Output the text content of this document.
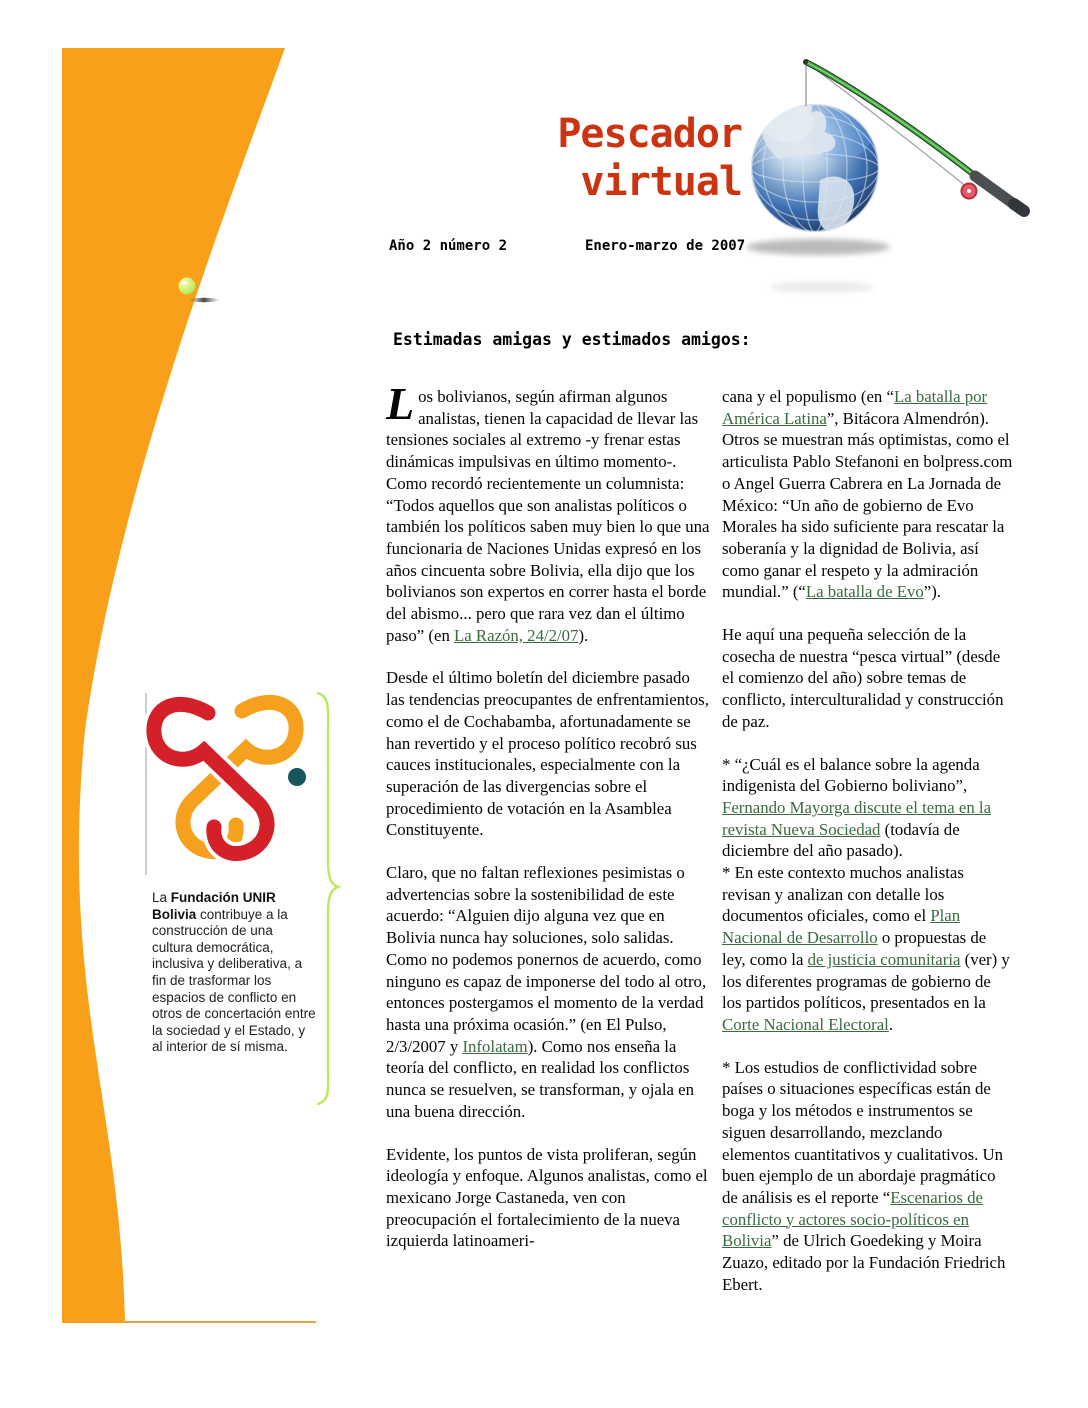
Pescador
virtual
Año 2 número 2	Enero-marzo de 2007
Estimadas amigas y estimados amigos:

Los bolivianos, según afirman algunos analistas, tienen la capacidad de llevar las tensiones sociales al extremo -y frenar estas dinámicas impulsivas en último momento-. Como recordó recientemente un columnista: “Todos aquellos que son analistas políticos o también los políticos saben muy bien lo que una funcionaria de Naciones Unidas expresó en los años cincuenta sobre Bolivia, ella dijo que los bolivianos son expertos en correr hasta el borde del abismo... pero que rara vez dan el último paso” (en La Razón, 24/2/07).

Desde el último boletín del diciembre pasado las tendencias preocupantes de enfrentamientos, como el de Cochabamba, afortunadamente se han revertido y el proceso político recobró sus cauces institucionales, especialmente con la superación de las divergencias sobre el procedimiento de votación en la Asamblea Constituyente.

Claro, que no faltan reflexiones pesimistas o advertencias sobre la sostenibilidad de este acuerdo: “Alguien dijo alguna vez que en Bolivia nunca hay soluciones, solo salidas. Como no podemos ponernos de acuerdo, como ninguno es capaz de imponerse del todo al otro, entonces postergamos el momento de la verdad hasta una próxima ocasión.” (en El Pulso, 2/3/2007 y Infolatam). Como nos enseña la teoría del conflicto, en realidad los conflictos nunca se resuelven, se transforman, y ojala en una buena dirección.

Evidente, los puntos de vista proliferan, según ideología y enfoque. Algunos analistas, como el mexicano Jorge Castaneda, ven con preocupación el fortalecimiento de la nueva izquierda latinoameri-

cana y el populismo (en “La batalla por América Latina”, Bitácora Almendrón). Otros se muestran más optimistas, como el articulista Pablo Stefanoni en bolpress.com o Angel Guerra Cabrera en La Jornada de México: “Un año de gobierno de Evo Morales ha sido suficiente para rescatar la soberanía y la dignidad de Bolivia, así como ganar el respeto y la admiración mundial.” (“La batalla de Evo”).

He aquí una pequeña selección de la cosecha de nuestra “pesca virtual” (desde el comienzo del año) sobre temas de conflicto, interculturalidad y construcción de paz.

* “¿Cuál es el balance sobre la agenda indigenista del Gobierno boliviano”, Fernando Mayorga discute el tema en la revista Nueva Sociedad (todavía de diciembre del año pasado).

* En este contexto muchos analistas revisan y analizan con detalle los documentos oficiales, como el Plan Nacional de Desarrollo o propuestas de ley, como la de justicia comunitaria (ver) y los diferentes programas de gobierno de los partidos políticos, presentados en la Corte Nacional Electoral.

* Los estudios de conflictividad sobre países o situaciones específicas están de boga y los métodos e instrumentos se siguen desarrollando, mezclando elementos cuantitativos y cualitativos. Un buen ejemplo de un abordaje pragmático de análisis es el reporte “Escenarios de conflicto y actores socio-políticos en Bolivia” de Ulrich Goedeking y Moira Zuazo, editado por la Fundación Friedrich Ebert.

La Fundación UNIR Bolivia contribuye a la construcción de una cultura democrática, inclusiva y deliberativa, a fin de trasformar los espacios de conflicto en otros de concertación entre la sociedad y el Estado, y al interior de sí misma.
